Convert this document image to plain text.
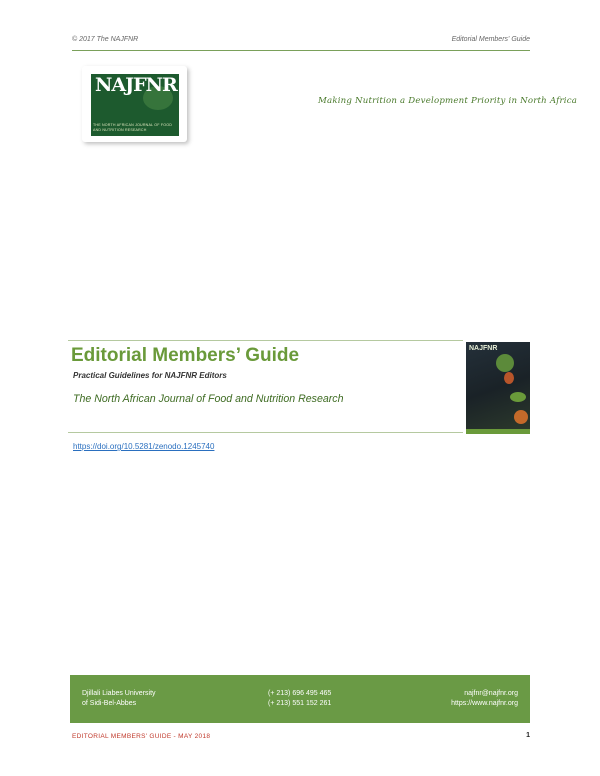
© 2017 The NAJFNR	Editorial Members' Guide
NAJFNR
THE NORTH AFRICAN JOURNAL OF FOOD AND NUTRITION RESEARCH
Making Nutrition a Development Priority in North Africa
Editorial Members’ Guide
Practical Guidelines for NAJFNR Editors
The North African Journal of Food and Nutrition Research
NAJFNR
https://doi.org/10.5281/zenodo.1245740
Djillali Liabes University
of Sidi-Bel-Abbes
(+ 213) 696 495 465
(+ 213) 551 152 261
najfnr@najfnr.org
https://www.najfnr.org
EDITORIAL MEMBERS' GUIDE - MAY 2018	1
